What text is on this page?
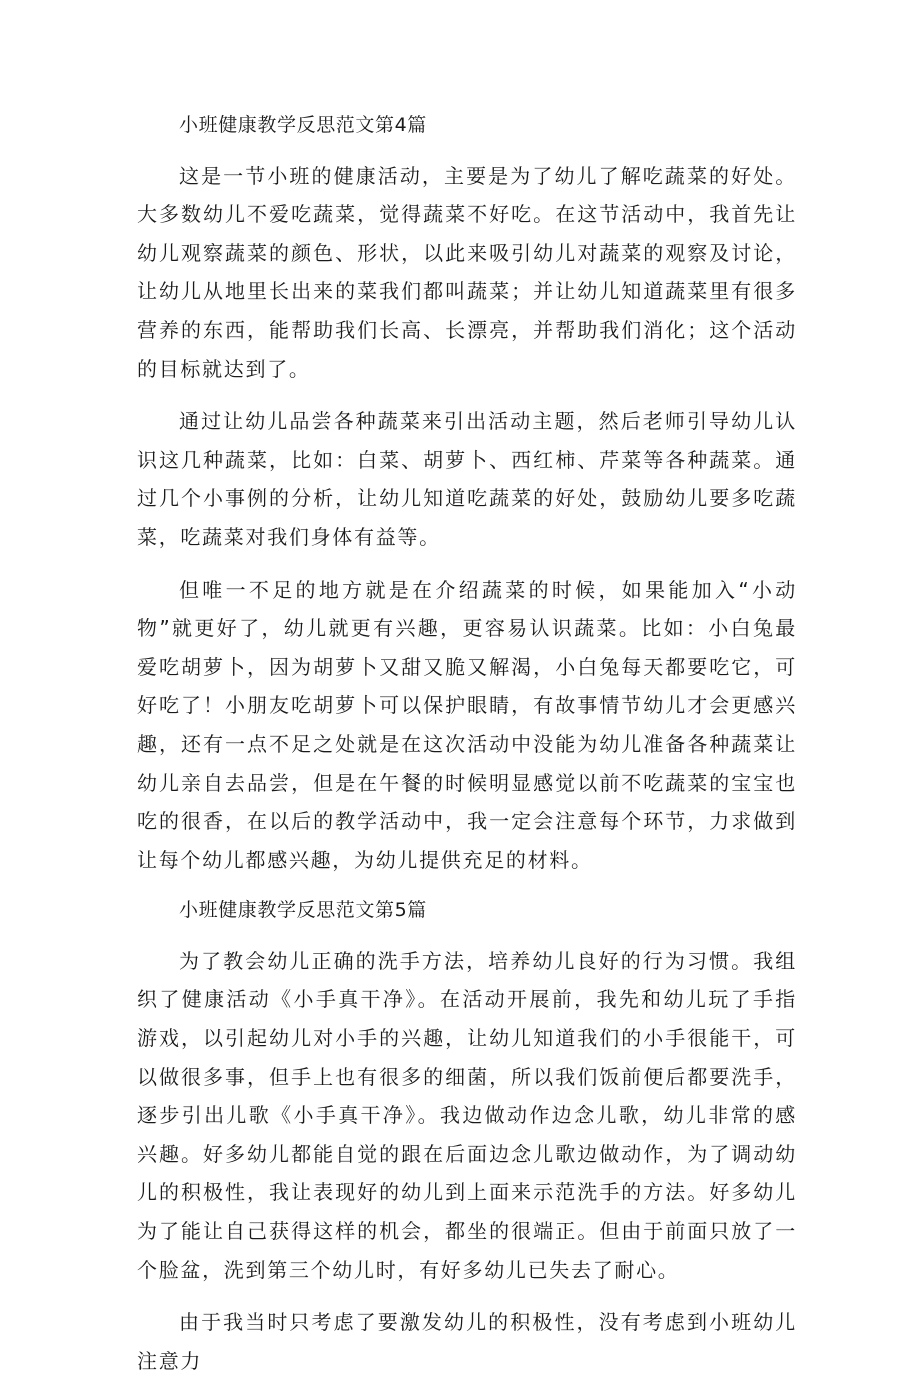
小班健康教学反思范文第4篇

这是一节小班的健康活动，主要是为了幼儿了解吃蔬菜的好处。大多数幼儿不爱吃蔬菜，觉得蔬菜不好吃。在这节活动中，我首先让幼儿观察蔬菜的颜色、形状，以此来吸引幼儿对蔬菜的观察及讨论，让幼儿从地里长出来的菜我们都叫蔬菜；并让幼儿知道蔬菜里有很多营养的东西，能帮助我们长高、长漂亮，并帮助我们消化；这个活动的目标就达到了。

通过让幼儿品尝各种蔬菜来引出活动主题，然后老师引导幼儿认识这几种蔬菜，比如：白菜、胡萝卜、西红柿、芹菜等各种蔬菜。通过几个小事例的分析，让幼儿知道吃蔬菜的好处，鼓励幼儿要多吃蔬菜，吃蔬菜对我们身体有益等。

但唯一不足的地方就是在介绍蔬菜的时候，如果能加入“小动物”就更好了，幼儿就更有兴趣，更容易认识蔬菜。比如：小白兔最爱吃胡萝卜，因为胡萝卜又甜又脆又解渴，小白兔每天都要吃它，可好吃了！小朋友吃胡萝卜可以保护眼睛，有故事情节幼儿才会更感兴趣，还有一点不足之处就是在这次活动中没能为幼儿准备各种蔬菜让幼儿亲自去品尝，但是在午餐的时候明显感觉以前不吃蔬菜的宝宝也吃的很香，在以后的教学活动中，我一定会注意每个环节，力求做到让每个幼儿都感兴趣，为幼儿提供充足的材料。

小班健康教学反思范文第5篇

为了教会幼儿正确的洗手方法，培养幼儿良好的行为习惯。我组织了健康活动《小手真干净》。在活动开展前，我先和幼儿玩了手指游戏，以引起幼儿对小手的兴趣，让幼儿知道我们的小手很能干，可以做很多事，但手上也有很多的细菌，所以我们饭前便后都要洗手，逐步引出儿歌《小手真干净》。我边做动作边念儿歌，幼儿非常的感兴趣。好多幼儿都能自觉的跟在后面边念儿歌边做动作，为了调动幼儿的积极性，我让表现好的幼儿到上面来示范洗手的方法。好多幼儿为了能让自己获得这样的机会，都坐的很端正。但由于前面只放了一个脸盆，洗到第三个幼儿时，有好多幼儿已失去了耐心。

由于我当时只考虑了要激发幼儿的积极性，没有考虑到小班幼儿注意力
